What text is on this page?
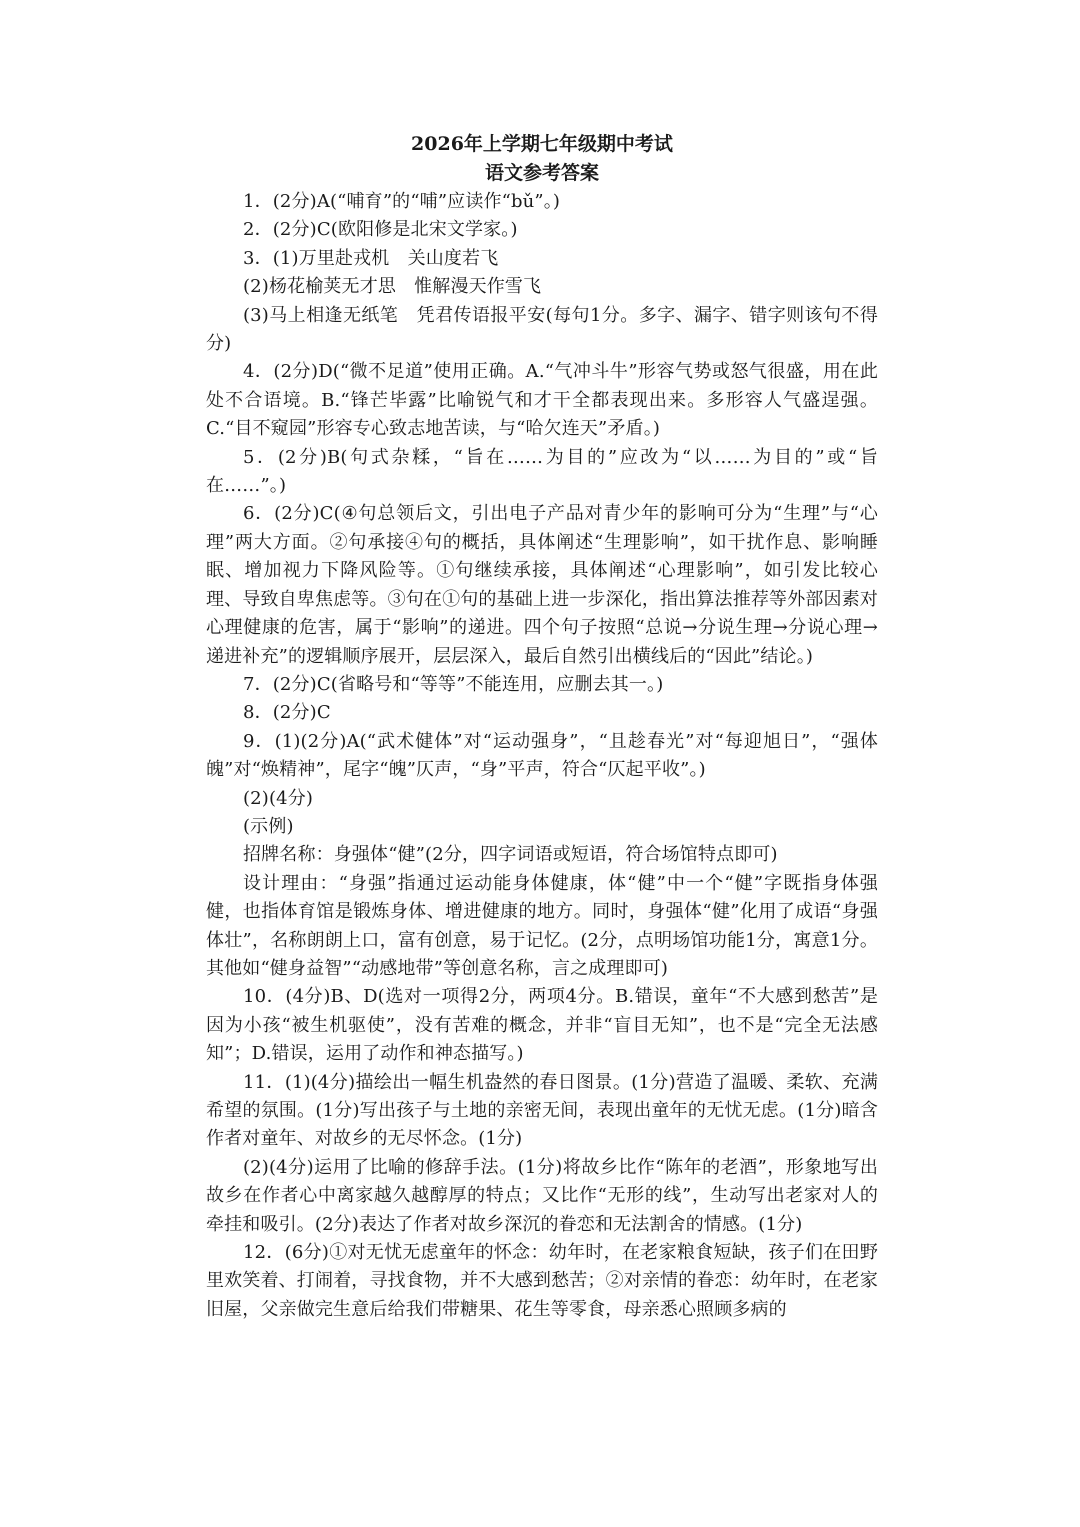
2026年上学期七年级期中考试
语文参考答案

1．(2分)A(“哺育”的“哺”应读作“bǔ”。)

2．(2分)C(欧阳修是北宋文学家。)

3．(1)万里赴戎机　关山度若飞

(2)杨花榆荚无才思　惟解漫天作雪飞

(3)马上相逢无纸笔　凭君传语报平安(每句1分。多字、漏字、错字则该句不得分)

4．(2分)D(“微不足道”使用正确。A.“气冲斗牛”形容气势或怒气很盛，用在此处不合语境。B.“锋芒毕露”比喻锐气和才干全都表现出来。多形容人气盛逞强。C.“目不窥园”形容专心致志地苦读，与“哈欠连天”矛盾。)

5．(2分)B(句式杂糅，“旨在……为目的”应改为“以……为目的”或“旨在……”。)

6．(2分)C(④句总领后文，引出电子产品对青少年的影响可分为“生理”与“心理”两大方面。②句承接④句的概括，具体阐述“生理影响”，如干扰作息、影响睡眠、增加视力下降风险等。①句继续承接，具体阐述“心理影响”，如引发比较心理、导致自卑焦虑等。③句在①句的基础上进一步深化，指出算法推荐等外部因素对心理健康的危害，属于“影响”的递进。四个句子按照“总说→分说生理→分说心理→递进补充”的逻辑顺序展开，层层深入，最后自然引出横线后的“因此”结论。)

7．(2分)C(省略号和“等等”不能连用，应删去其一。)

8．(2分)C

9．(1)(2分)A(“武术健体”对“运动强身”，“且趁春光”对“每迎旭日”，“强体魄”对“焕精神”，尾字“魄”仄声，“身”平声，符合“仄起平收”。)

(2)(4分)

(示例)

招牌名称：身强体“健”(2分，四字词语或短语，符合场馆特点即可)

设计理由：“身强”指通过运动能身体健康，体“健”中一个“健”字既指身体强健，也指体育馆是锻炼身体、增进健康的地方。同时，身强体“健”化用了成语“身强体壮”，名称朗朗上口，富有创意，易于记忆。(2分，点明场馆功能1分，寓意1分。其他如“健身益智”“动感地带”等创意名称，言之成理即可)

10．(4分)B、D(选对一项得2分，两项4分。B.错误，童年“不大感到愁苦”是因为小孩“被生机驱使”，没有苦难的概念，并非“盲目无知”，也不是“完全无法感知”；D.错误，运用了动作和神态描写。)

11．(1)(4分)描绘出一幅生机盎然的春日图景。(1分)营造了温暖、柔软、充满希望的氛围。(1分)写出孩子与土地的亲密无间，表现出童年的无忧无虑。(1分)暗含作者对童年、对故乡的无尽怀念。(1分)

(2)(4分)运用了比喻的修辞手法。(1分)将故乡比作“陈年的老酒”，形象地写出故乡在作者心中离家越久越醇厚的特点；又比作“无形的线”，生动写出老家对人的牵挂和吸引。(2分)表达了作者对故乡深沉的眷恋和无法割舍的情感。(1分)

12．(6分)①对无忧无虑童年的怀念：幼年时，在老家粮食短缺，孩子们在田野里欢笑着、打闹着，寻找食物，并不大感到愁苦；②对亲情的眷恋：幼年时，在老家旧屋，父亲做完生意后给我们带糖果、花生等零食，母亲悉心照顾多病的
